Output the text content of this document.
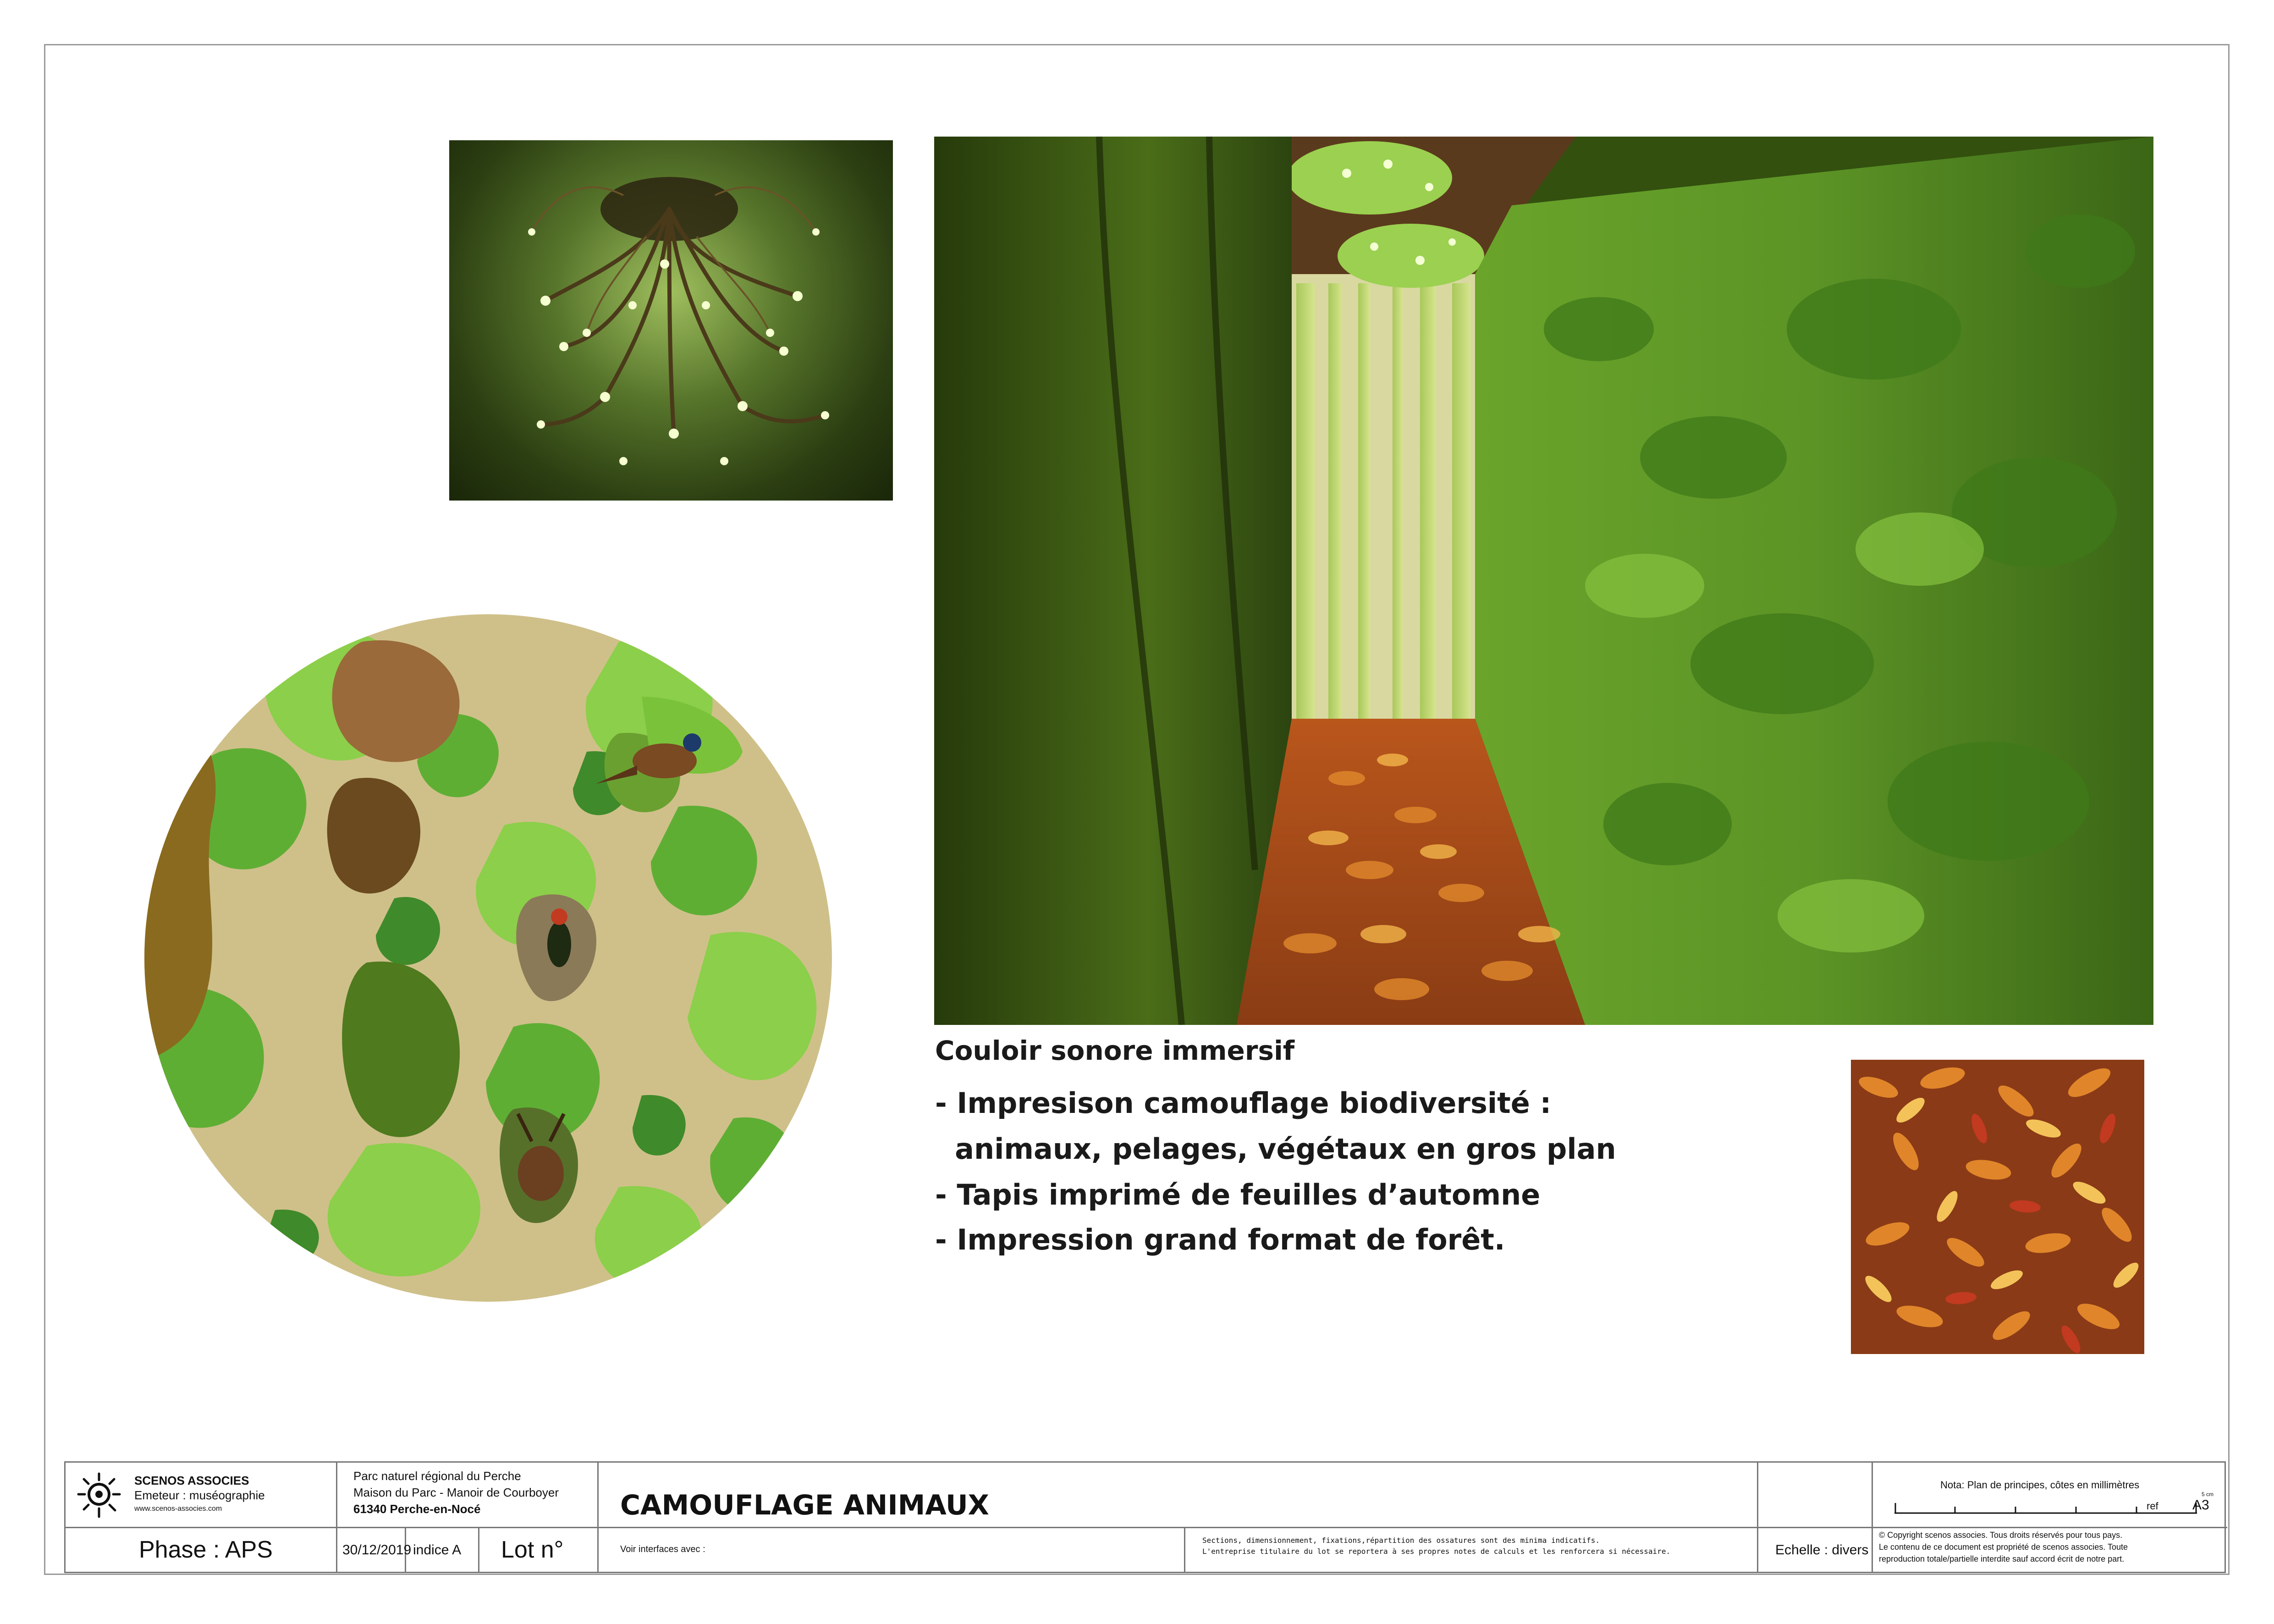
Couloir sonore immersif
- Impresison camouflage biodiversité :
animaux, pelages, végétaux en gros plan
- Tapis imprimé de feuilles d’automne
- Impression grand format de forêt.
SCENOS ASSOCIES
Emeteur : muséographie
www.scenos-associes.com
Parc naturel régional du Perche
Maison du Parc - Manoir de Courboyer
61340 Perche-en-Nocé	CAMOUFLAGE ANIMAUX
Phase : APS	30/12/2019 indice A Lot n°	Voir interfaces avec :
Sections, dimensionnement, fixations,répartition des ossatures sont des minima indicatifs.
L'entreprise titulaire du lot se reportera à ses propres notes de calculs et les renforcera si nécessaire.	Echelle : divers
Nota: Plan de principes, côtes en millimètres
5 cm
ref A3
© Copyright scenos associes. Tous droits réservés pour tous pays.
Le contenu de ce document est propriété de scenos associes. Toute
reproduction totale/partielle interdite sauf accord écrit de notre part.
